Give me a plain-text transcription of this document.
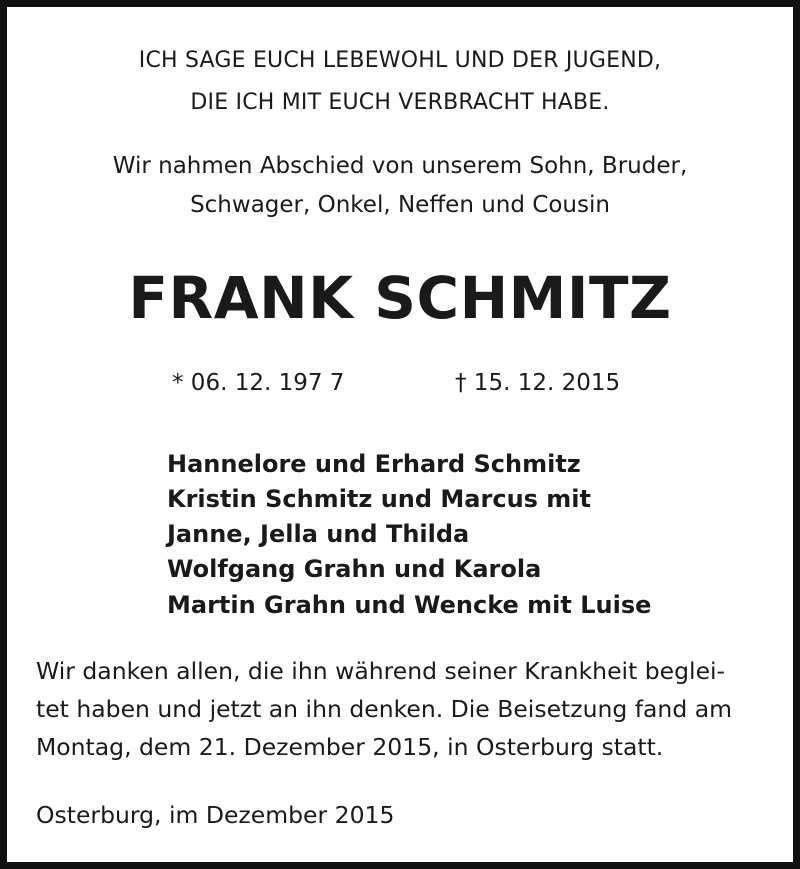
ICH SAGE EUCH LEBEWOHL UND DER JUGEND,
DIE ICH MIT EUCH VERBRACHT HABE.
Wir nahmen Abschied von unserem Sohn, Bruder,
Schwager, Onkel, Neffen und Cousin
FRANK SCHMITZ
* 06. 12. 197 7	† 15. 12. 2015
Hannelore und Erhard Schmitz
Kristin Schmitz und Marcus mit
Janne, Jella und Thilda
Wolfgang Grahn und Karola
Martin Grahn und Wencke mit Luise
Wir danken allen, die ihn während seiner Krankheit beglei-
tet haben und jetzt an ihn denken. Die Beisetzung fand am
Montag, dem 21. Dezember 2015, in Osterburg statt.
Osterburg, im Dezember 2015
